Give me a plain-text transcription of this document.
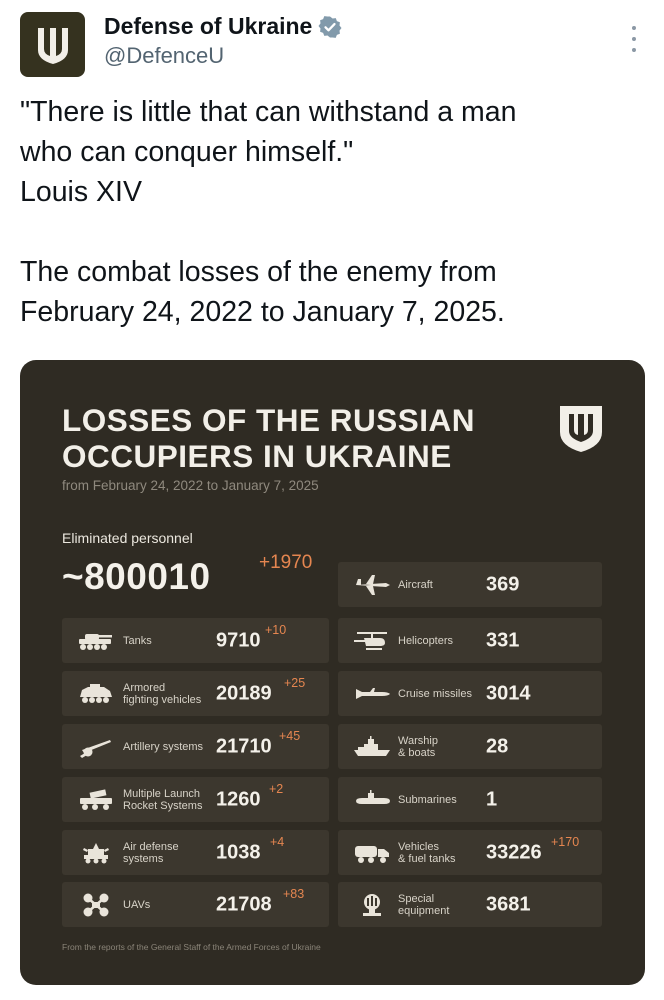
Defense of Ukraine
@DefenceU

"There is little that can withstand a man

who can conquer himself."

Louis XIV

The combat losses of the enemy from

February 24, 2022 to January 7, 2025.

LOSSES OF THE RUSSIAN
OCCUPIERS IN UKRAINE
from February 24, 2022 to January 7, 2025
Eliminated personnel
~800010	+1970
Tanks	9710 +10
Armored
fighting vehicles 20189 +25
Artillery systems 21710 +45
Multiple Launch
Rocket Systems 1260 +2
Air defense
systems	1038 +4
UAVs	21708 +83
Aircraft	369
Helicopters 331
Cruise missiles 3014
Warship
& boats	28
Submarines 1
Vehicles
& fuel tanks 33226 +170
Special
equipment 3681
From the reports of the General Staff of the Armed Forces of Ukraine
